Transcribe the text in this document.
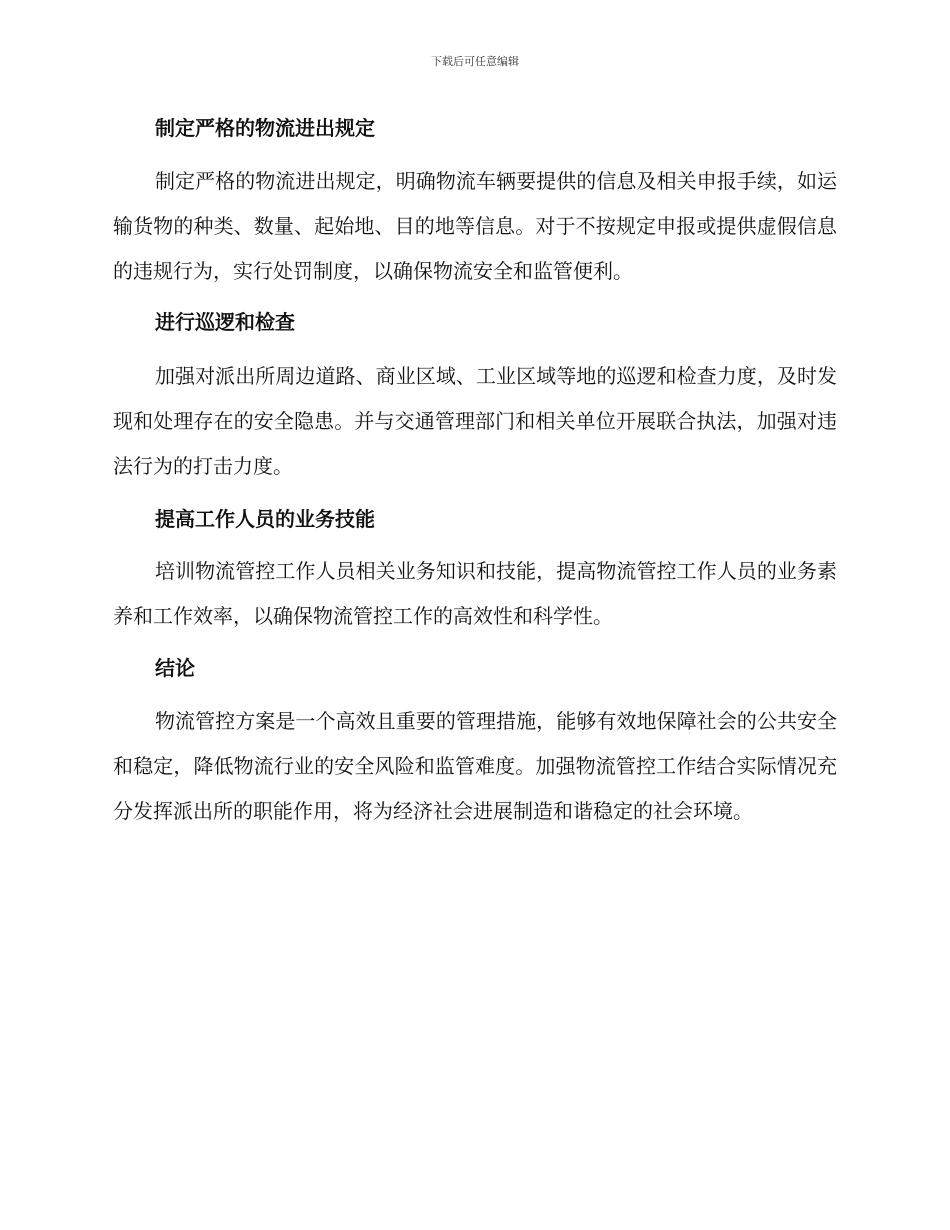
下载后可任意编辑
制定严格的物流进出规定

制定严格的物流进出规定，明确物流车辆要提供的信息及相关申报手续，如运输货物的种类、数量、起始地、目的地等信息。对于不按规定申报或提供虚假信息的违规行为，实行处罚制度，以确保物流安全和监管便利。

进行巡逻和检查

加强对派出所周边道路、商业区域、工业区域等地的巡逻和检查力度，及时发现和处理存在的安全隐患。并与交通管理部门和相关单位开展联合执法，加强对违法行为的打击力度。

提高工作人员的业务技能

培训物流管控工作人员相关业务知识和技能，提高物流管控工作人员的业务素养和工作效率，以确保物流管控工作的高效性和科学性。

结论

物流管控方案是一个高效且重要的管理措施，能够有效地保障社会的公共安全和稳定，降低物流行业的安全风险和监管难度。加强物流管控工作结合实际情况充分发挥派出所的职能作用，将为经济社会进展制造和谐稳定的社会环境。
